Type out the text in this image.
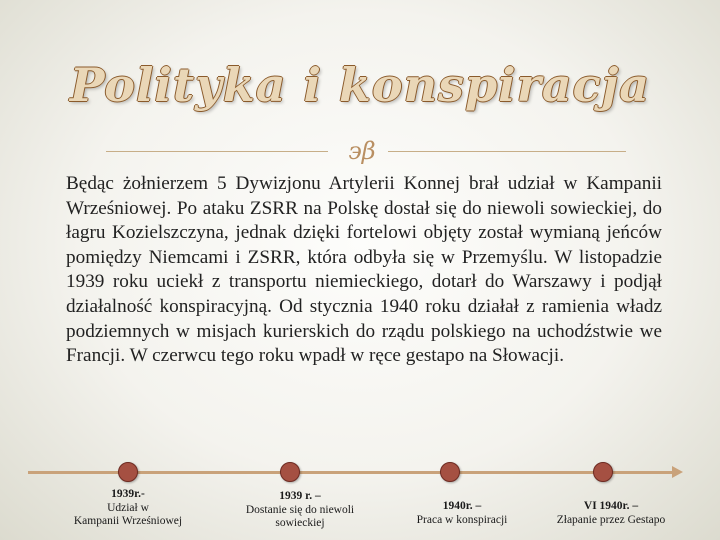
Polityka i konspiracja
϶β
Będąc żołnierzem 5 Dywizjonu Artylerii Konnej brał udział w Kampanii Wrześniowej. Po ataku ZSRR na Polskę dostał się do niewoli sowieckiej, do łagru Kozielszczyna, jednak dzięki fortelowi objęty został wymianą jeńców pomiędzy Niemcami i ZSRR, która odbyła się w Przemyślu. W listopadzie 1939 roku uciekł z transportu niemieckiego, dotarł do Warszawy i podjął działalność konspiracyjną. Od stycznia 1940 roku działał z ramienia władz podziemnych w misjach kurierskich do rządu polskiego na uchodźstwie we Francji. W czerwcu tego roku wpadł w ręce gestapo na Słowacji.
1939r.-
Udział w
Kampanii Wrześniowej
1939 r. –
Dostanie się do niewoli
sowieckiej
1940r. –
Praca w konspiracji
VI 1940r. –
Złapanie przez Gestapo
